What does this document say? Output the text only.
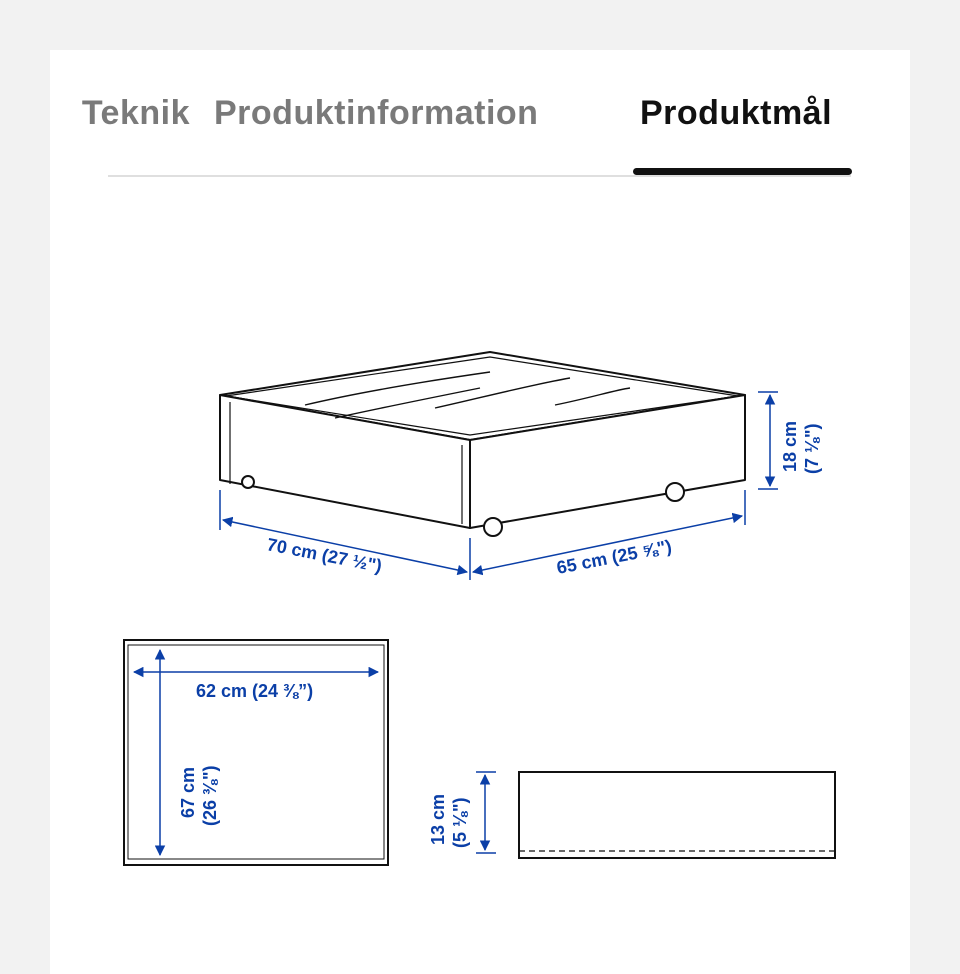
Teknik Produktinformation	Produktmål
18 cm (7 ⅛")
70 cm (27 ½")	65 cm (25 ⅝")
62 cm (24 ⅜”)
67 cm (26 ⅜")	13 cm (5 ⅛")
